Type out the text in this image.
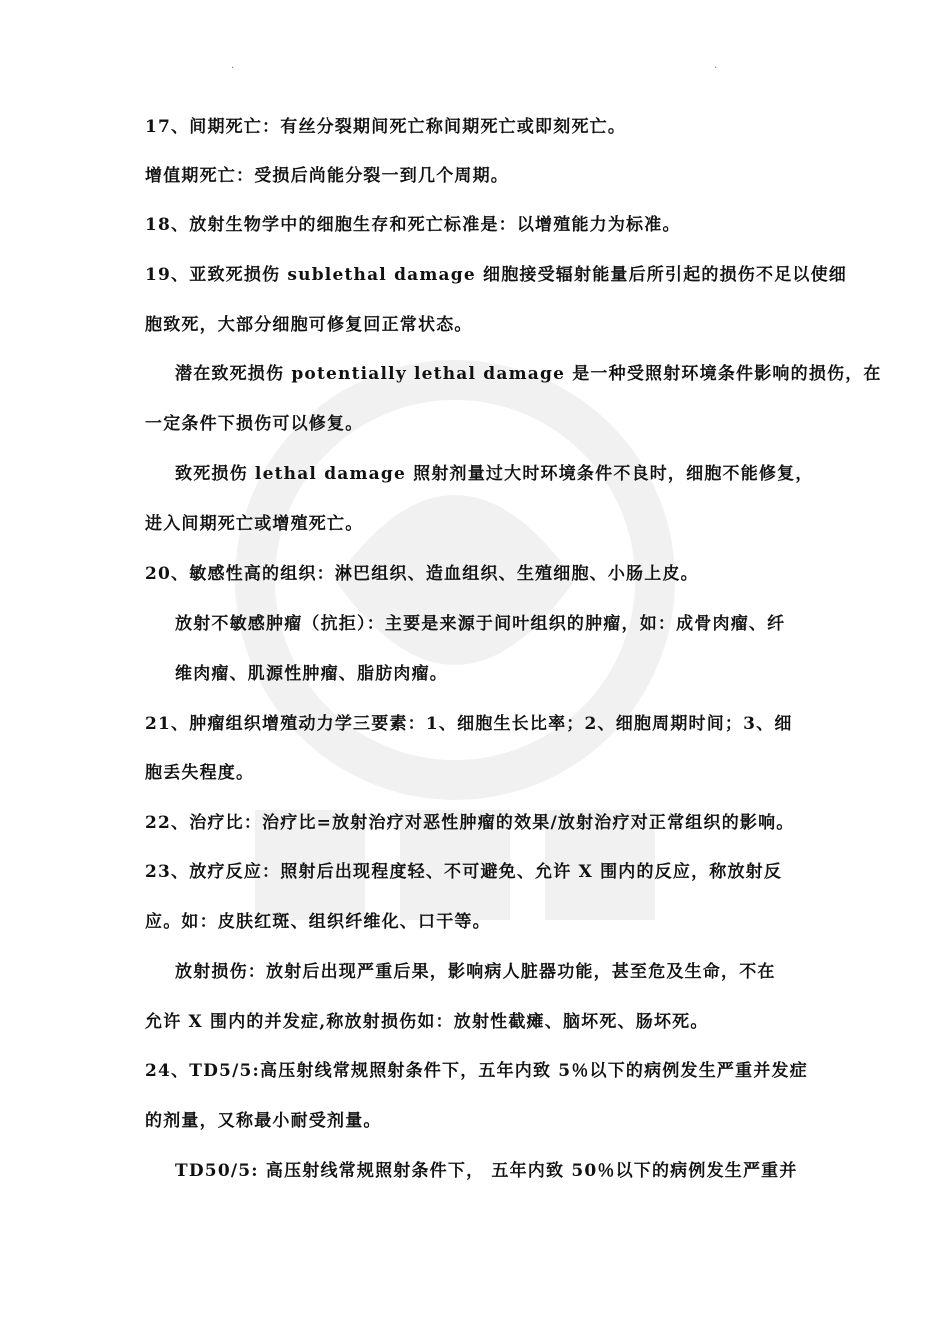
.	.
17、间期死亡：有丝分裂期间死亡称间期死亡或即刻死亡。
增值期死亡：受损后尚能分裂一到几个周期。
18、放射生物学中的细胞生存和死亡标准是：以增殖能力为标准。
19、亚致死损伤 sublethal damage 细胞接受辐射能量后所引起的损伤不足以使细
胞致死，大部分细胞可修复回正常状态。
潜在致死损伤 potentially lethal damage 是一种受照射环境条件影响的损伤，在
一定条件下损伤可以修复。
致死损伤 lethal damage 照射剂量过大时环境条件不良时，细胞不能修复，
进入间期死亡或增殖死亡。
20、敏感性高的组织：淋巴组织、造血组织、生殖细胞、小肠上皮。
放射不敏感肿瘤（抗拒）：主要是来源于间叶组织的肿瘤，如：成骨肉瘤、纤
维肉瘤、肌源性肿瘤、脂肪肉瘤。
21、肿瘤组织增殖动力学三要素：1、细胞生长比率；2、细胞周期时间；3、细
胞丢失程度。
22、治疗比：治疗比=放射治疗对恶性肿瘤的效果/放射治疗对正常组织的影响。
23、放疗反应：照射后出现程度轻、不可避免、允许 X 围内的反应，称放射反
应。如：皮肤红斑、组织纤维化、口干等。
放射损伤：放射后出现严重后果，影响病人脏器功能，甚至危及生命，不在
允许 X 围内的并发症,称放射损伤如：放射性截瘫、脑坏死、肠坏死。
24、TD5/5:高压射线常规照射条件下，五年内致 5％以下的病例发生严重并发症
的剂量，又称最小耐受剂量。
TD50/5: 高压射线常规照射条件下， 五年内致 50％以下的病例发生严重并
